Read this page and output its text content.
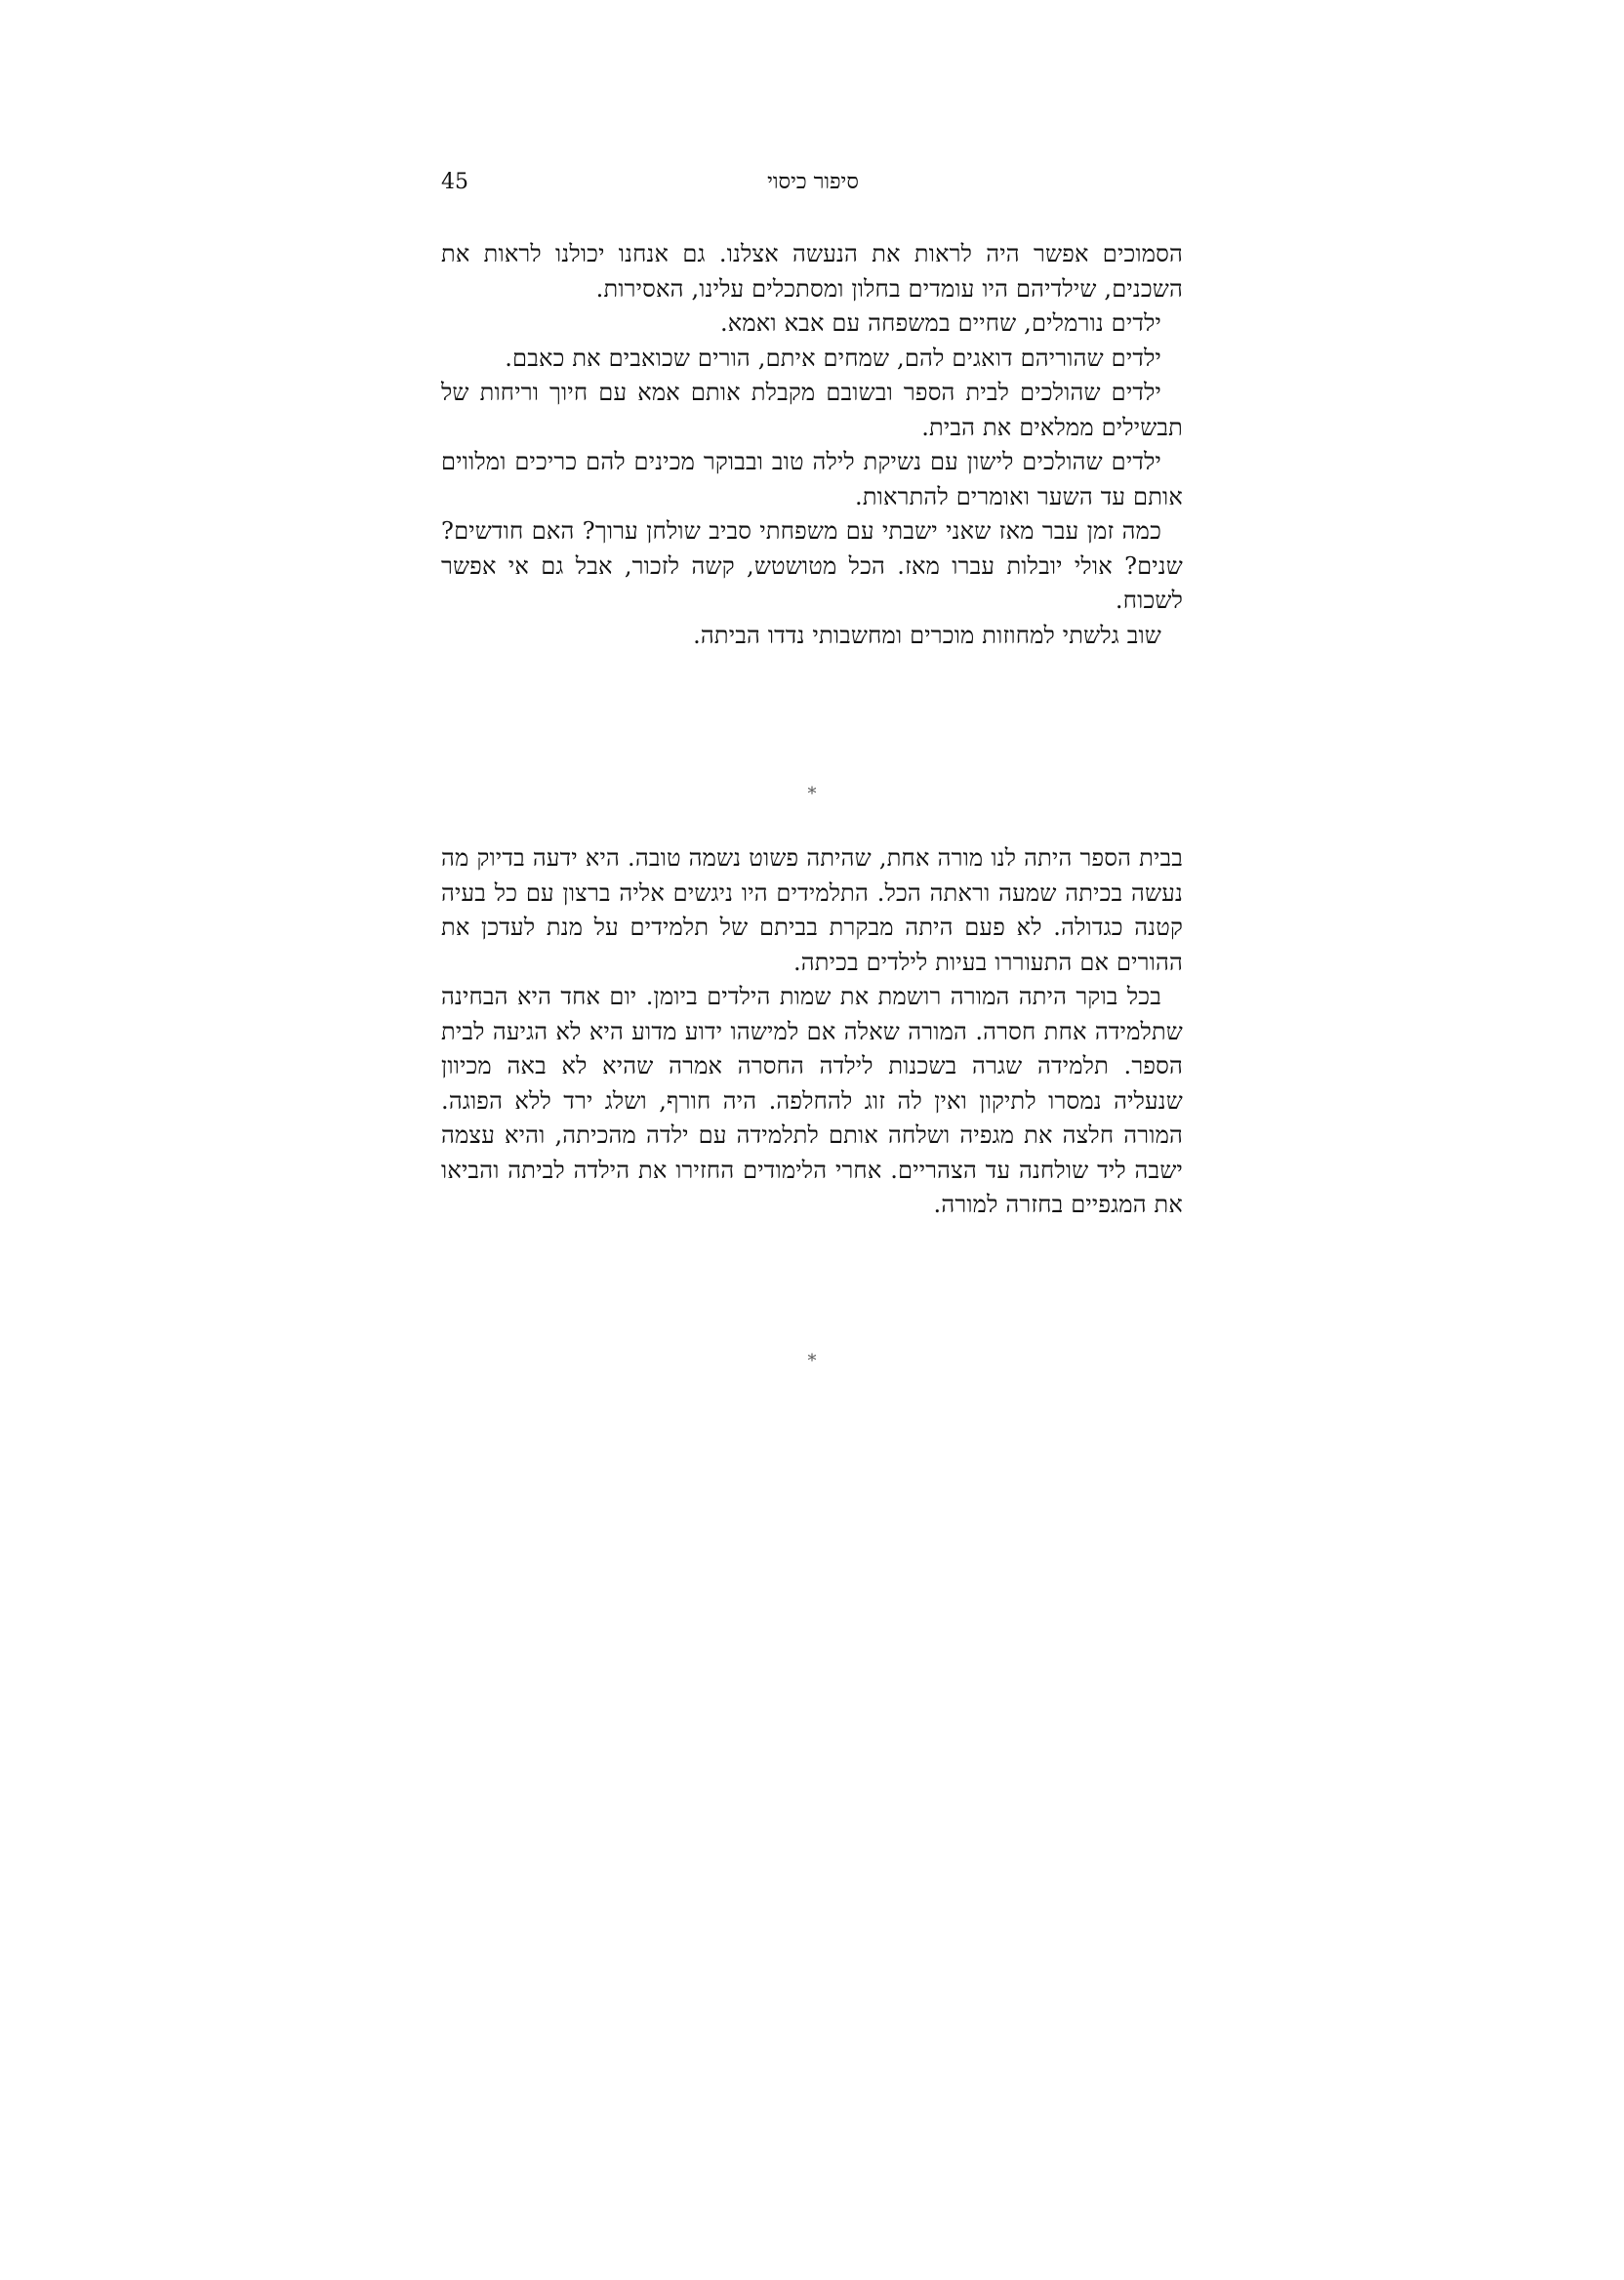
45	סיפור כיסוי

הסמוכים אפשר היה לראות את הנעשה אצלנו. גם אנחנו יכולנו לראות את השכנים, שילדיהם היו עומדים בחלון ומסתכלים עלינו, האסירות.

ילדים נורמלים, שחיים במשפחה עם אבא ואמא.

ילדים שהוריהם דואגים להם, שמחים איתם, הורים שכואבים את כאבם.

ילדים שהולכים לבית הספר ובשובם מקבלת אותם אמא עם חיוך וריחות של תבשילים ממלאים את הבית.

ילדים שהולכים לישון עם נשיקת לילה טוב ובבוקר מכינים להם כריכים ומלווים אותם עד השער ואומרים להתראות.

כמה זמן עבר מאז שאני ישבתי עם משפחתי סביב שולחן ערוך? האם חודשים? שנים? אולי יובלות עברו מאז. הכל מטושטש, קשה לזכור, אבל גם אי אפשר לשכוח.

שוב גלשתי למחוזות מוכרים ומחשבותי נדדו הביתה.

*

בבית הספר היתה לנו מורה אחת, שהיתה פשוט נשמה טובה. היא ידעה בדיוק מה נעשה בכיתה שמעה וראתה הכל. התלמידים היו ניגשים אליה ברצון עם כל בעיה קטנה כגדולה. לא פעם היתה מבקרת בביתם של תלמידים על מנת לעדכן את ההורים אם התעוררו בעיות לילדים בכיתה.

בכל בוקר היתה המורה רושמת את שמות הילדים ביומן. יום אחד היא הבחינה שתלמידה אחת חסרה. המורה שאלה אם למישהו ידוע מדוע היא לא הגיעה לבית הספר. תלמידה שגרה בשכנות לילדה החסרה אמרה שהיא לא באה מכיוון שנעליה נמסרו לתיקון ואין לה זוג להחלפה. היה חורף, ושלג ירד ללא הפוגה. המורה חלצה את מגפיה ושלחה אותם לתלמידה עם ילדה מהכיתה, והיא עצמה ישבה ליד שולחנה עד הצהריים. אחרי הלימודים החזירו את הילדה לביתה והביאו את המגפיים בחזרה למורה.

*
